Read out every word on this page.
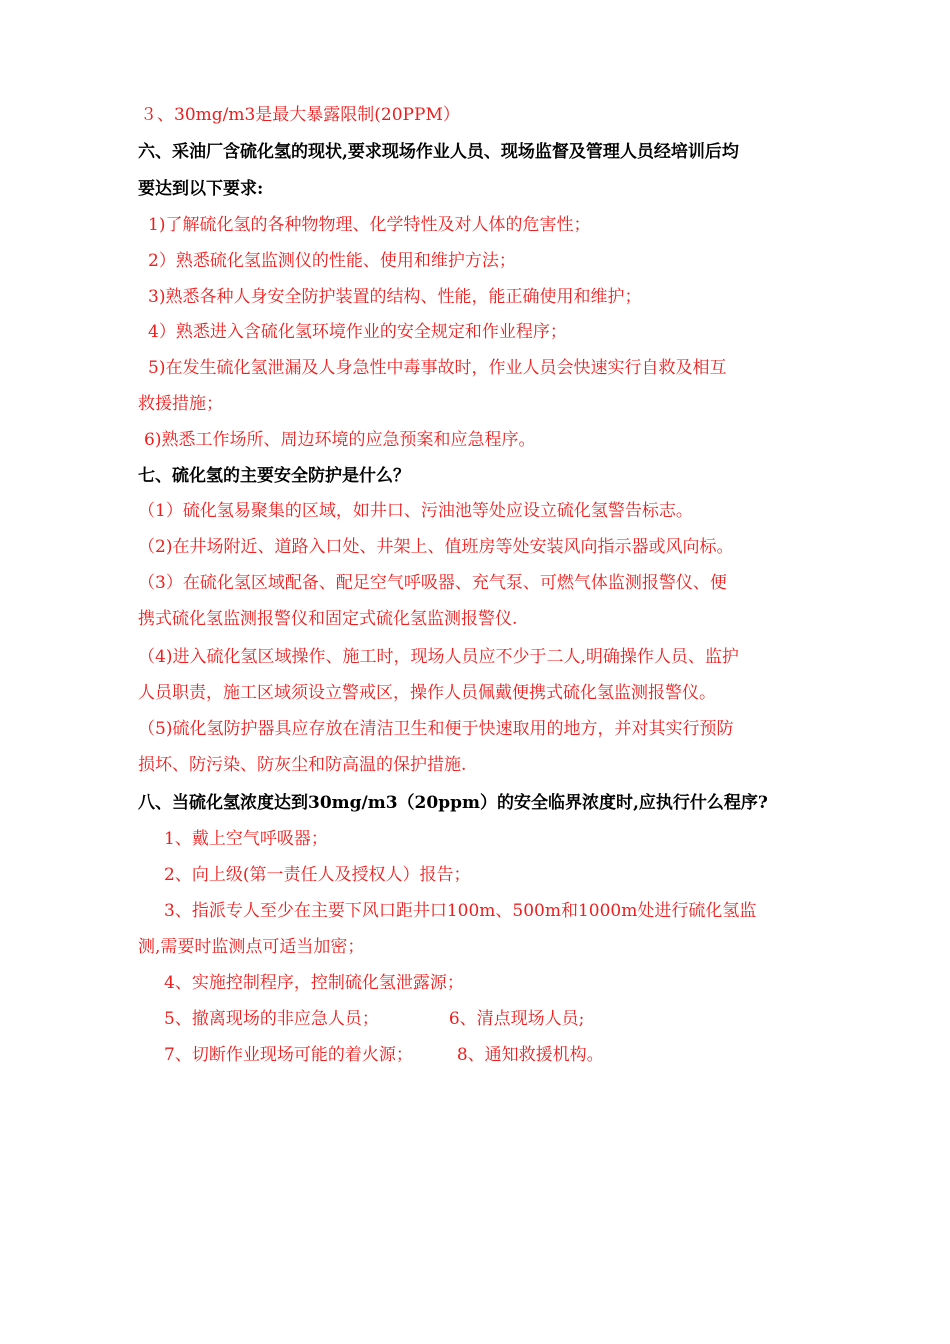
３、30mg/m3是最大暴露限制(20PPM）
六、采油厂含硫化氢的现状,要求现场作业人员、现场监督及管理人员经培训后均
要达到以下要求:
1)了解硫化氢的各种物物理、化学特性及对人体的危害性；
2）熟悉硫化氢监测仪的性能、使用和维护方法；
3)熟悉各种人身安全防护装置的结构、性能，能正确使用和维护；
4）熟悉进入含硫化氢环境作业的安全规定和作业程序；
5)在发生硫化氢泄漏及人身急性中毒事故时，作业人员会快速实行自救及相互
救援措施；
6)熟悉工作场所、周边环境的应急预案和应急程序。
七、硫化氢的主要安全防护是什么？
（1）硫化氢易聚集的区域，如井口、污油池等处应设立硫化氢警告标志。
（2)在井场附近、道路入口处、井架上、值班房等处安装风向指示器或风向标。
（3）在硫化氢区域配备、配足空气呼吸器、充气泵、可燃气体监测报警仪、便
携式硫化氢监测报警仪和固定式硫化氢监测报警仪.
（4)进入硫化氢区域操作、施工时，现场人员应不少于二人,明确操作人员、监护
人员职责，施工区域须设立警戒区，操作人员佩戴便携式硫化氢监测报警仪。
（5)硫化氢防护器具应存放在清洁卫生和便于快速取用的地方，并对其实行预防
损坏、防污染、防灰尘和防高温的保护措施.
八、当硫化氢浓度达到30mg/m3（20ppm）的安全临界浓度时,应执行什么程序?
1、戴上空气呼吸器；
2、向上级(第一责任人及授权人）报告；
3、指派专人至少在主要下风口距井口100m、500m和1000m处进行硫化氢监
测,需要时监测点可适当加密；
4、实施控制程序，控制硫化氢泄露源；
5、撤离现场的非应急人员；	6、清点现场人员;
7、切断作业现场可能的着火源；	8、通知救援机构。
